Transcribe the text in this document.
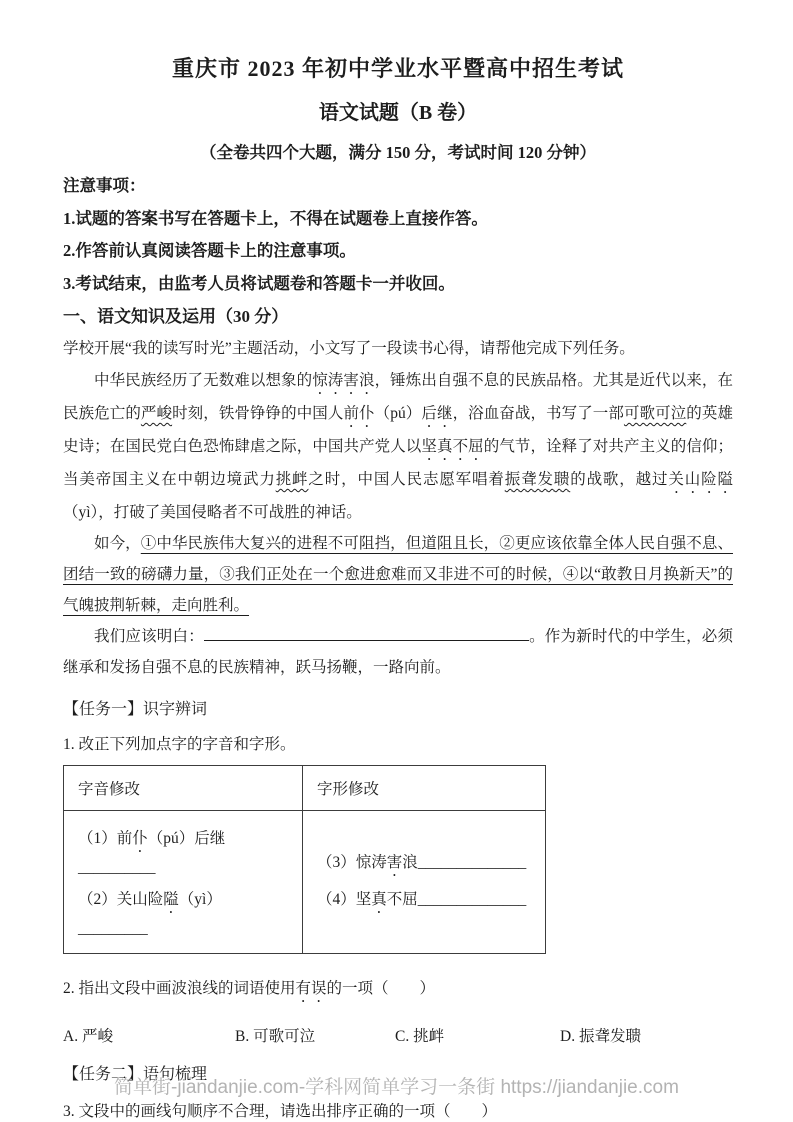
重庆市 2023 年初中学业水平暨高中招生考试
语文试题（B 卷）
（全卷共四个大题，满分 150 分，考试时间 120 分钟）
注意事项：
1.试题的答案书写在答题卡上，不得在试题卷上直接作答。
2.作答前认真阅读答题卡上的注意事项。
3.考试结束，由监考人员将试题卷和答题卡一并收回。
一、语文知识及运用（30 分）

学校开展“我的读写时光”主题活动，小文写了一段读书心得，请帮他完成下列任务。

中华民族经历了无数难以想象的惊涛害浪，锤炼出自强不息的民族品格。尤其是近代以来，在民族危亡的严峻时刻，铁骨铮铮的中国人前仆（pú）后继，浴血奋战，书写了一部可歌可泣的英雄史诗；在国民党白色恐怖肆虐之际，中国共产党人以坚真不屈的气节，诠释了对共产主义的信仰；当美帝国主义在中朝边境武力挑衅之时，中国人民志愿军唱着振聋发聩的战歌，越过关山险隘（yì），打破了美国侵略者不可战胜的神话。

如今，①中华民族伟大复兴的进程不可阻挡，但道阻且长，②更应该依靠全体人民自强不息、团结一致的磅礴力量，③我们正处在一个愈进愈难而又非进不可的时候，④以“敢教日月换新天”的气魄披荆斩棘，走向胜利。

我们应该明白：	。作为新时代的中学生，必须继承和发扬自强不息的民族精神，跃马扬鞭，一路向前。

【任务一】识字辨词
1. 改正下列加点字的字音和字形。
字音修改	字形修改

（1）前仆（pú）后继__________
（2）关山险隘（yì） _________

（3）惊涛害浪______________
（4）坚真不屈______________
2. 指出文段中画波浪线的词语使用有误的一项（　　）
A. 严峻	B. 可歌可泣	C. 挑衅	D. 振聋发聩
【任务二】语句梳理
3. 文段中的画线句顺序不合理，请选出排序正确的一项（　　）
简单街-jiandanjie.com-学科网简单学习一条街 https://jiandanjie.com
